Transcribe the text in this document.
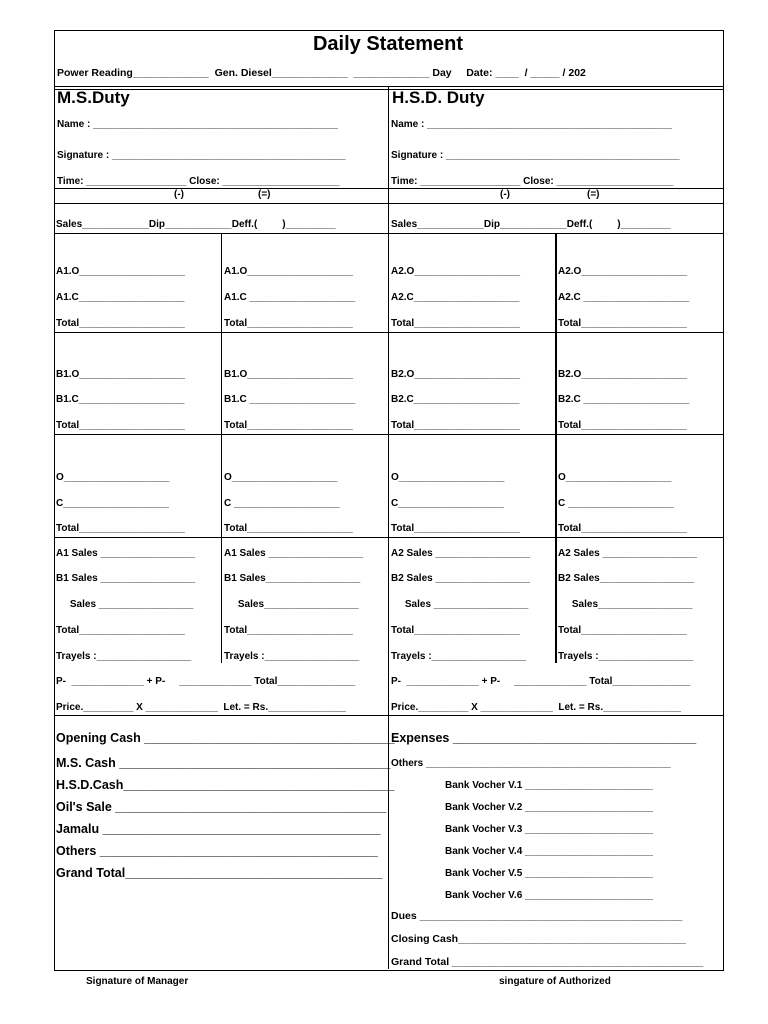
Daily Statement
Power Reading_____________  Gen. Diesel_____________  _____________ Day     Date: ____  / _____ / 202
M.S.Duty
Name : ____________________________________________
Signature : __________________________________________
Time: __________________ Close: _____________________
(-)	(=)
Sales____________Dip____________Deff.(         )_________
A1.O___________________
A1.C___________________
Total___________________
A1.O___________________
A1.C ___________________
Total___________________
B1.O___________________
B1.C___________________
Total___________________
B1.O___________________
B1.C ___________________
Total___________________
O___________________
C___________________
Total___________________
O___________________
C ___________________
Total___________________
A1 Sales _________________
B1 Sales _________________
Sales _________________
Total___________________
Trayels :_________________
A1 Sales _________________
B1 Sales_________________
Sales_________________
Total___________________
Trayels :_________________
P-  _____________ + P-     _____________ Total______________
Price._________ X _____________  Let. = Rs.______________
H.S.D. Duty
Name : ____________________________________________
Signature : __________________________________________
Time: __________________ Close: _____________________
(-)	(=)
Sales____________Dip____________Deff.(         )_________
A2.O___________________
A2.C___________________
Total___________________
A2.O___________________
A2.C ___________________
Total___________________
B2.O___________________
B2.C___________________
Total___________________
B2.O___________________
B2.C ___________________
Total___________________
O___________________
C___________________
Total___________________
O___________________
C ___________________
Total___________________
A2 Sales _________________
B2 Sales _________________
Sales _________________
Total___________________
Trayels :_________________
A2 Sales _________________
B2 Sales_________________
Sales_________________
Total___________________
Trayels :_________________
P-  _____________ + P-     _____________ Total______________
Price._________ X _____________  Let. = Rs.______________
Opening Cash ____________________________________
M.S. Cash _______________________________________
H.S.D.Cash_______________________________________
Oil's Sale _______________________________________
Jamalu ________________________________________
Others ________________________________________
Grand Total_____________________________________
Expenses ___________________________________
Others ____________________________________________
Bank Vocher V.1 _______________________
Bank Vocher V.2 _______________________
Bank Vocher V.3 _______________________
Bank Vocher V.4 _______________________
Bank Vocher V.5 _______________________
Bank Vocher V.6 _______________________
Dues _____________________________________________
Closing Cash_______________________________________
Grand Total ___________________________________________
Signature of Manager	singature of Authorized
